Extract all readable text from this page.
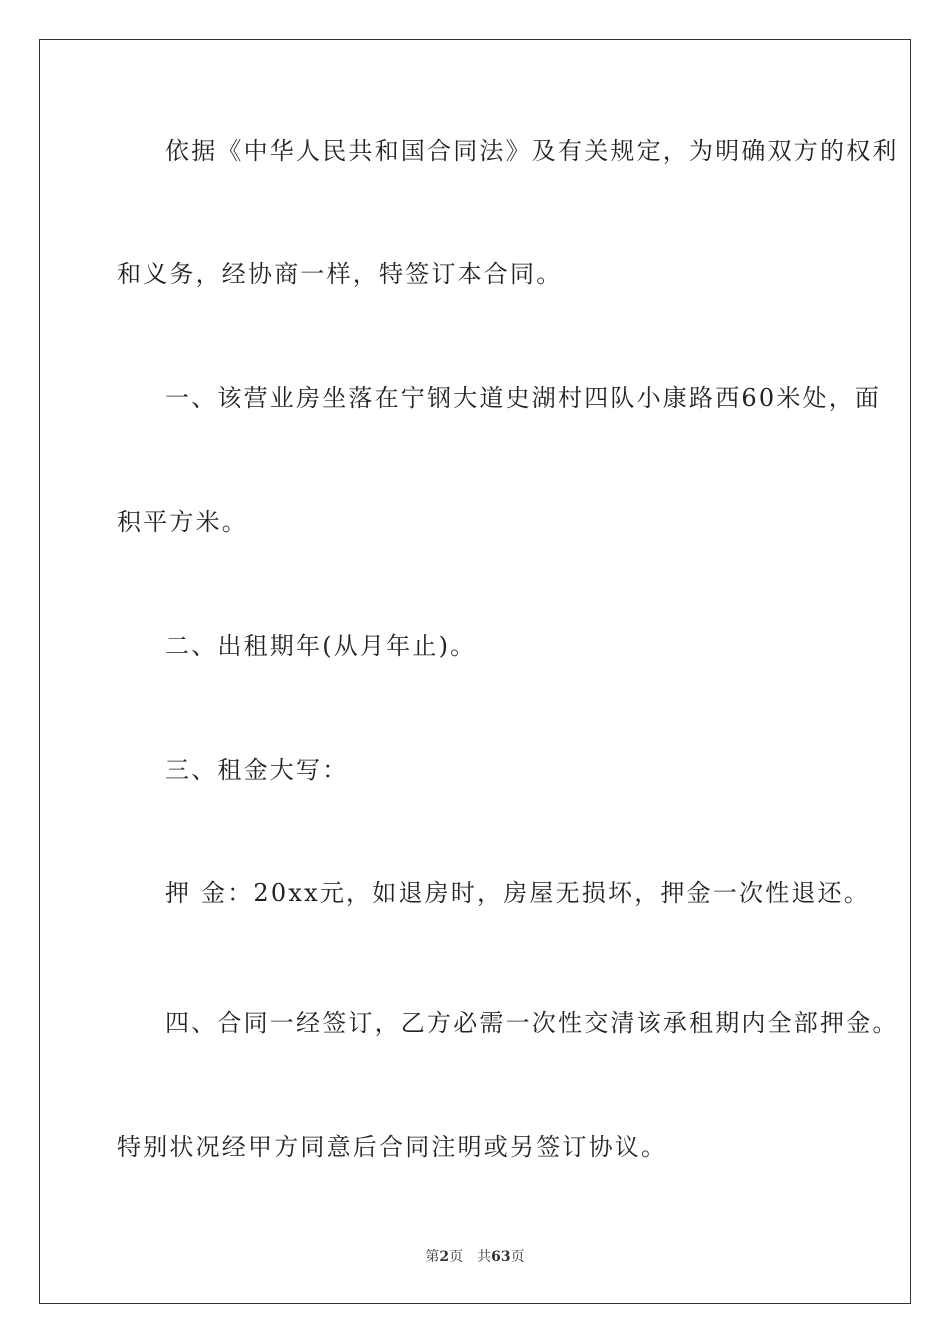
依据《中华人民共和国合同法》及有关规定，为明确双方的权利
和义务，经协商一样，特签订本合同。
一、该营业房坐落在宁钢大道史湖村四队小康路西60米处，面
积平方米。
二、出租期年(从月年止)。
三、租金大写：
押 金：20xx元，如退房时，房屋无损坏，押金一次性退还。
四、合同一经签订，乙方必需一次性交清该承租期内全部押金。
特别状况经甲方同意后合同注明或另签订协议。
第2页 共63页
